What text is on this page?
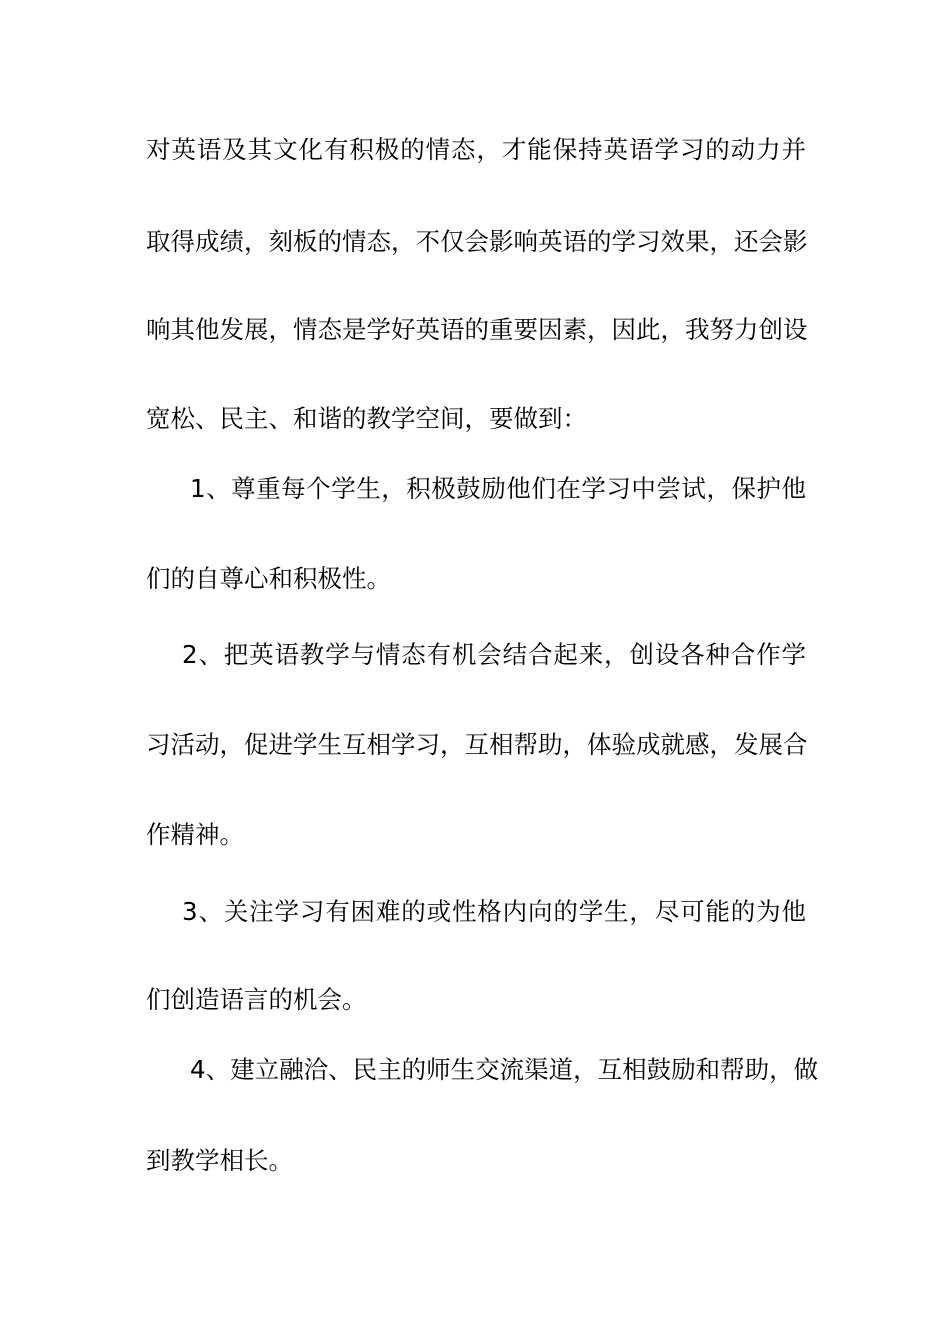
对英语及其文化有积极的情态，才能保持英语学习的动力并
取得成绩，刻板的情态，不仅会影响英语的学习效果，还会影
响其他发展，情态是学好英语的重要因素，因此，我努力创设
宽松、民主、和谐的教学空间，要做到：
1、尊重每个学生，积极鼓励他们在学习中尝试，保护他
们的自尊心和积极性。
2、把英语教学与情态有机会结合起来，创设各种合作学
习活动，促进学生互相学习，互相帮助，体验成就感，发展合
作精神。
3、关注学习有困难的或性格内向的学生，尽可能的为他
们创造语言的机会。
4、建立融洽、民主的师生交流渠道，互相鼓励和帮助，做
到教学相长。
